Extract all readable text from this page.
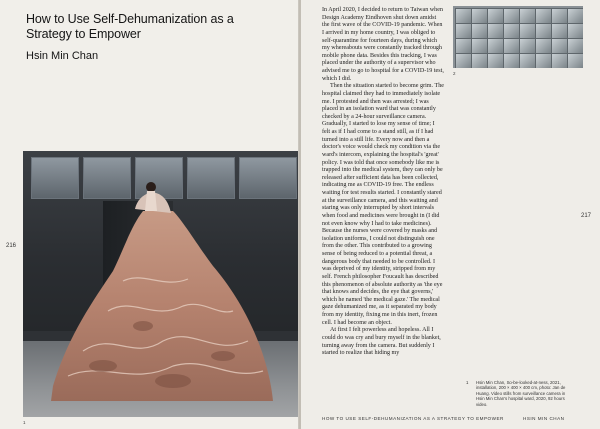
How to Use Self-Dehumanization as a Strategy to Empower
Hsin Min Chan
216
1

In April 2020, I decided to return to Taiwan when Design Academy Eindhoven shut down amidst the first wave of the COVID-19 pandemic. When I arrived in my home country, I was obliged to self-quarantine for fourteen days, during which my whereabouts were constantly tracked through mobile phone data. Besides this tracking, I was placed under the authority of a supervisor who advised me to go to hospital for a COVID-19 test, which I did.

Then the situation started to become grim. The hospital claimed they had to immediately isolate me. I protested and then was arrested; I was placed in an isolation ward that was constantly checked by a 24-hour surveillance camera. Gradually, I started to lose my sense of time; I felt as if I had come to a stand still, as if I had turned into a still life. Every now and then a doctor's voice would check my condition via the ward's intercom, explaining the hospital's 'great' policy. I was told that once somebody like me is trapped into the medical system, they can only be released after sufficient data has been collected, indicating me as COVID-19 free. The endless waiting for test results started. I constantly stared at the surveillance camera, and this waiting and staring was only interrupted by short intervals when food and medicines were brought in (I did not even know why I had to take medicines). Because the nurses were covered by masks and isolation uniforms, I could not distinguish one from the other. This contributed to a growing sense of being reduced to a potential threat, a dangerous body that needed to be controlled. I was deprived of my identity, stripped from my self. French philosopher Foucault has described this phenomenon of absolute authority as 'the eye that knows and decides, the eye that governs,' which he named 'the medical gaze.' The medical gaze dehumanized me, as it separated my body from my identity, fixing me in this inert, frozen cell. I had become an object.

At first I felt powerless and hopeless. All I could do was cry and bury myself in the blanket, turning away from the camera. But suddenly I started to realize that hiding my

2
217
1 Hsin Min Chan, So-be-looked-at-ness, 2021, installation, 200 × 400 × 400 cm, photo: Jan de Huang. Video stills from surveillance camera in Hsin Min Chan's hospital ward, 2020, 92 hours video.
HOW TO USE SELF-DEHUMANIZATION AS A STRATEGY TO EMPOWER	HSIN MIN CHAN
